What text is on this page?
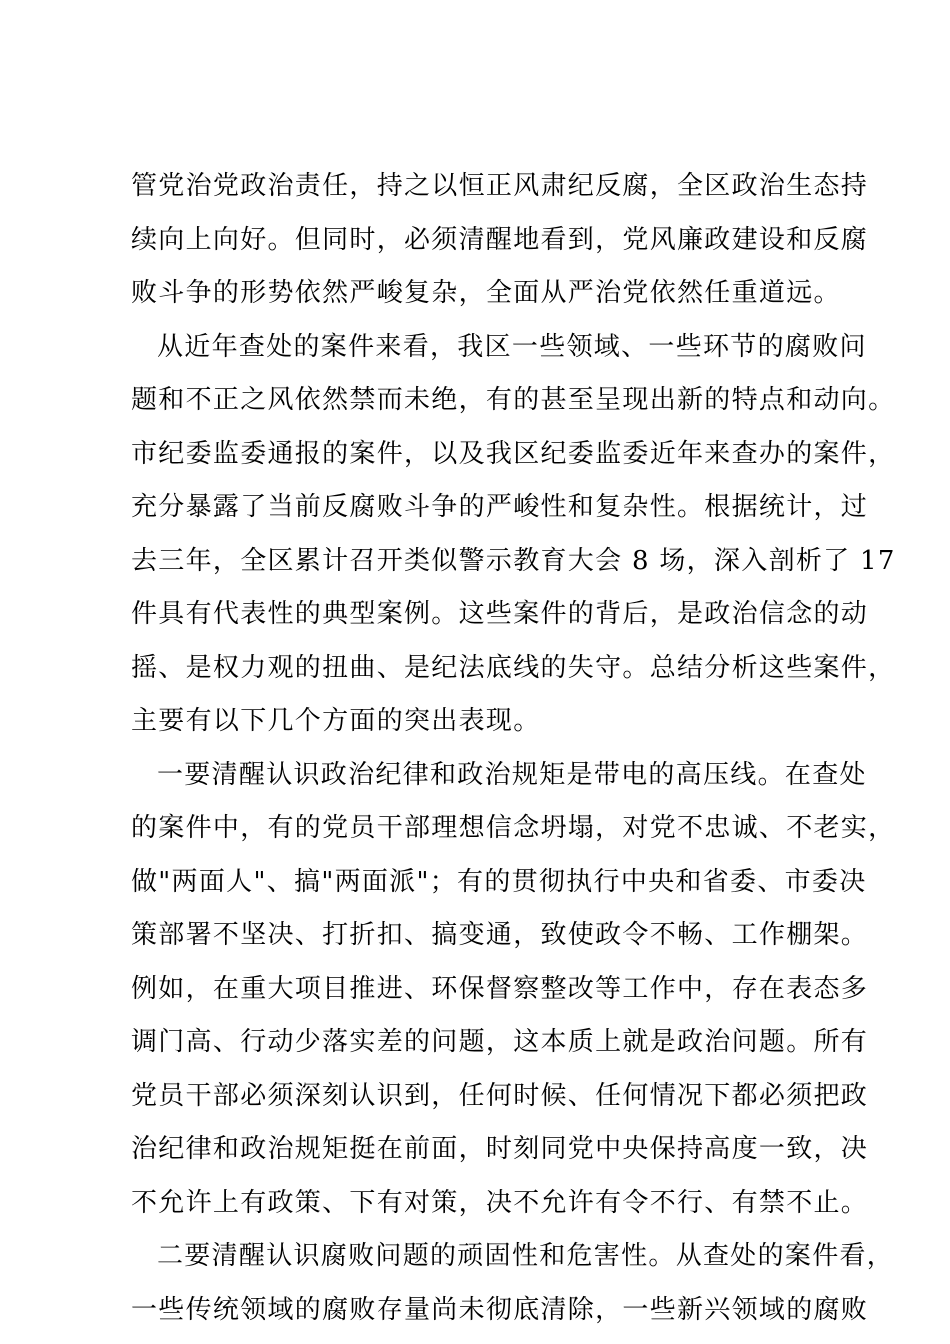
管党治党政治责任，持之以恒正风肃纪反腐，全区政治生态持
续向上向好。但同时，必须清醒地看到，党风廉政建设和反腐
败斗争的形势依然严峻复杂，全面从严治党依然任重道远。
从近年查处的案件来看，我区一些领域、一些环节的腐败问
题和不正之风依然禁而未绝，有的甚至呈现出新的特点和动向。
市纪委监委通报的案件，以及我区纪委监委近年来查办的案件，
充分暴露了当前反腐败斗争的严峻性和复杂性。根据统计，过
去三年，全区累计召开类似警示教育大会 8 场，深入剖析了 17
件具有代表性的典型案例。这些案件的背后，是政治信念的动
摇、是权力观的扭曲、是纪法底线的失守。总结分析这些案件，
主要有以下几个方面的突出表现。
一要清醒认识政治纪律和政治规矩是带电的高压线。在查处
的案件中，有的党员干部理想信念坍塌，对党不忠诚、不老实，
做"两面人"、搞"两面派"；有的贯彻执行中央和省委、市委决
策部署不坚决、打折扣、搞变通，致使政令不畅、工作棚架。
例如，在重大项目推进、环保督察整改等工作中，存在表态多
调门高、行动少落实差的问题，这本质上就是政治问题。所有
党员干部必须深刻认识到，任何时候、任何情况下都必须把政
治纪律和政治规矩挺在前面，时刻同党中央保持高度一致，决
不允许上有政策、下有对策，决不允许有令不行、有禁不止。
二要清醒认识腐败问题的顽固性和危害性。从查处的案件看，
一些传统领域的腐败存量尚未彻底清除，一些新兴领域的腐败
